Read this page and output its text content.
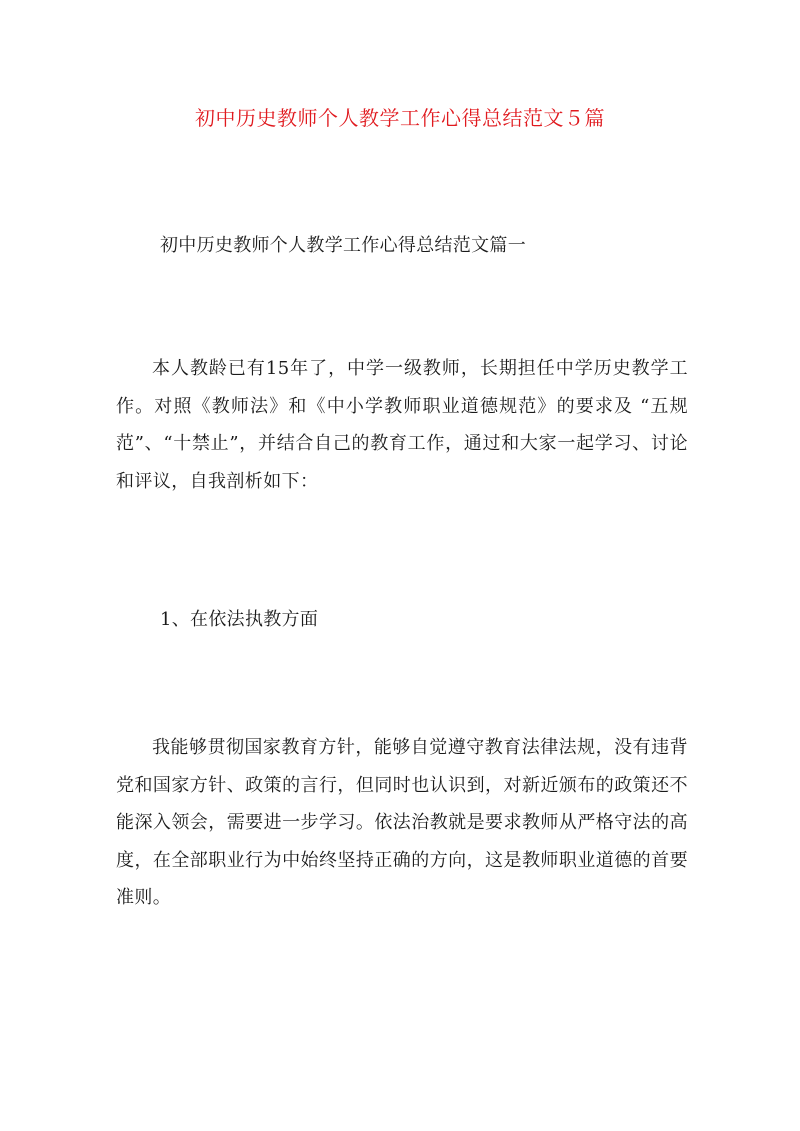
初中历史教师个人教学工作心得总结范文５篇
初中历史教师个人教学工作心得总结范文篇一

本人教龄已有15年了，中学一级教师，长期担任中学历史教学工作。对照《教师法》和《中小学教师职业道德规范》的要求及 “五规范”、“十禁止”，并结合自己的教育工作，通过和大家一起学习、讨论和评议，自我剖析如下：

1、在依法执教方面

我能够贯彻国家教育方针，能够自觉遵守教育法律法规，没有违背党和国家方针、政策的言行，但同时也认识到，对新近颁布的政策还不能深入领会，需要进一步学习。依法治教就是要求教师从严格守法的高度，在全部职业行为中始终坚持正确的方向，这是教师职业道德的首要准则。
